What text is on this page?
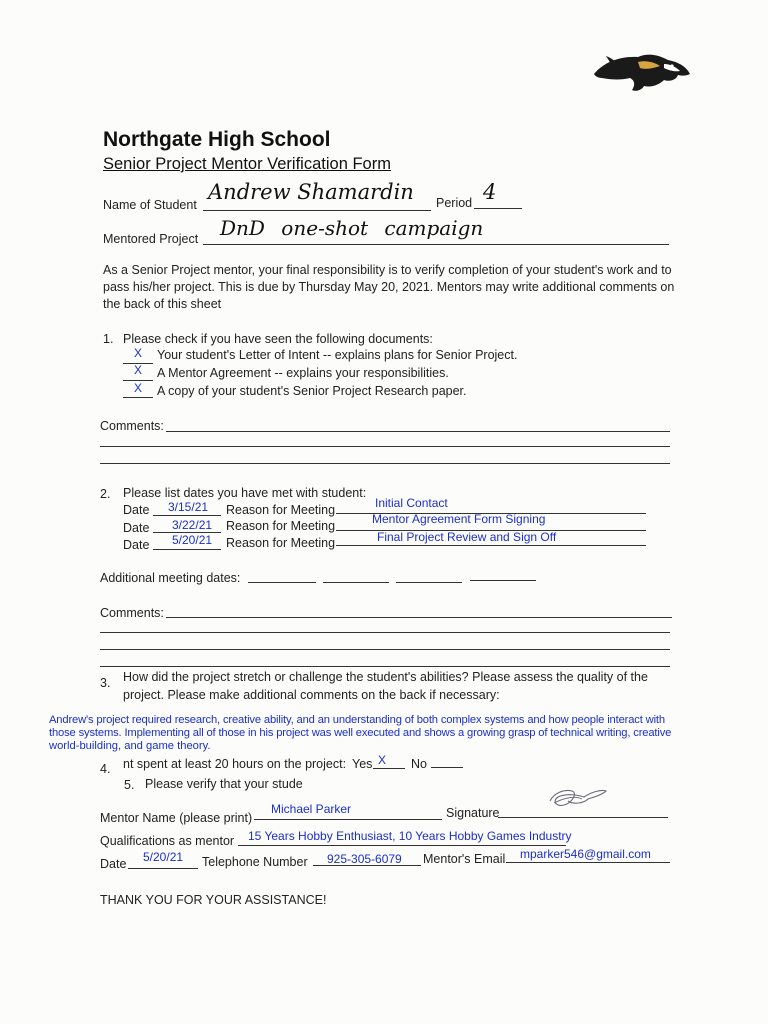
Northgate High School
Senior Project Mentor Verification Form
Name of Student
Andrew Shamardin Period 4
Mentored Project DnD one-shot campaign
As a Senior Project mentor, your final responsibility is to verify completion of your student's work and to
pass his/her project. This is due by Thursday May 20, 2021. Mentors may write additional comments on
the back of this sheet
1. Please check if you have seen the following documents:
X Your student's Letter of Intent -- explains plans for Senior Project.
X A Mentor Agreement -- explains your responsibilities.
X A copy of your student's Senior Project Research paper.
Comments:
2. Please list dates you have met with student:
Date 3/15/21 Reason for Meeting	Initial Contact
Date 3/22/21 Reason for Meeting	Mentor Agreement Form Signing
Date 5/20/21 Reason for Meeting	Final Project Review and Sign Off
Additional meeting dates:
Comments:
3. How did the project stretch or challenge the student's abilities? Please assess the quality of the
project. Please make additional comments on the back if necessary:
Andrew's project required research, creative ability, and an understanding of both complex systems and how people interact with
those systems. Implementing all of those in his project was well executed and shows a growing grasp of technical writing, creative
world-building, and game theory.
4. nt spent at least 20 hours on the project: Yes X No
5. Please verify that your stude
Mentor Name (please print)
Michael Parker	Signature
Qualifications as mentor 15 Years Hobby Enthusiast, 10 Years Hobby Games Industry
Date 5/20/21 Telephone Number 925-305-6079 Mentor's Email mparker546@gmail.com
THANK YOU FOR YOUR ASSISTANCE!
